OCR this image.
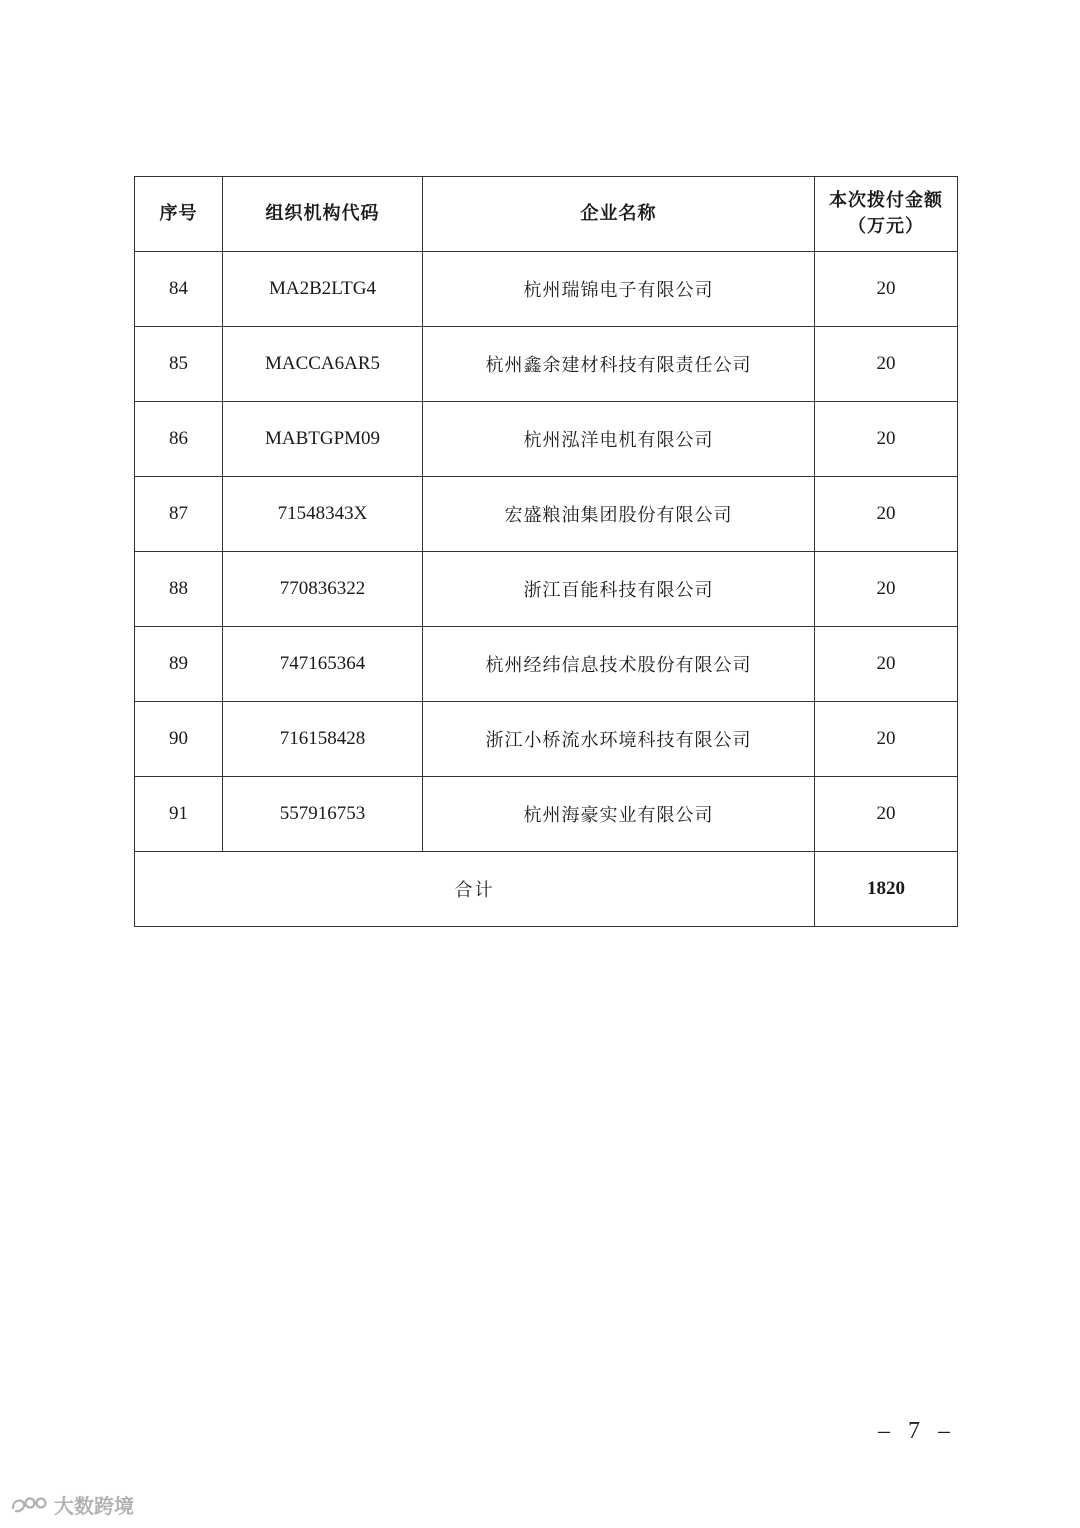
序号	组织机构代码	企业名称	本次拨付金额
（万元）

84	MA2B2LTG4	杭州瑞锦电子有限公司	20
85	MACCA6AR5	杭州鑫余建材科技有限责任公司	20
86	MABTGPM09	杭州泓洋电机有限公司	20
87	71548343X	宏盛粮油集团股份有限公司	20
88	770836322	浙江百能科技有限公司	20
89	747165364	杭州经纬信息技术股份有限公司	20
90	716158428	浙江小桥流水环境科技有限公司	20
91	557916753	杭州海豪实业有限公司	20
合计			1820
– 7 –
大数跨境
